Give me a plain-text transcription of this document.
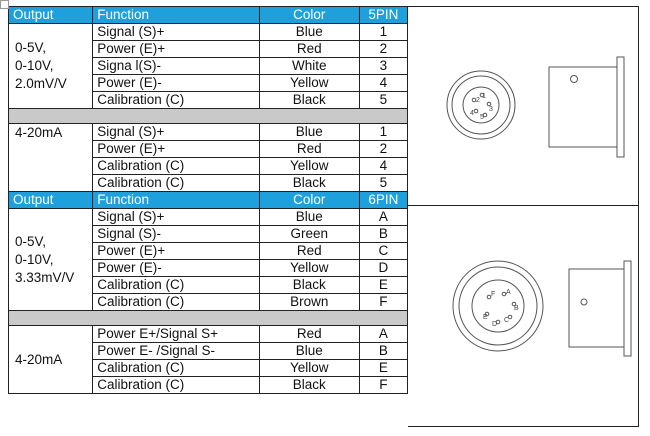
Output	Function	Color	5PIN
0-5V,
0-10V,
2.0mV/V	Signal (S)+	Blue	1
	Power (E)+	Red	2
	Signa l(S)-	White	3
	Power (E)-	Yellow	4
	Calibration (C)	Black	5

4-20mA	Signal (S)+	Blue	1
	Power (E)+	Red	2
	Calibration (C)	Yellow	4
	Calibration (C)	Black	5
Output	Function	Color	6PIN
0-5V,
0-10V,
3.33mV/V	Signal (S)+	Blue	A
	Signal (S)-	Green	B
	Power (E)+	Red	C
	Power (E)-	Yellow	D
	Calibration (C)	Black	E
	Calibration (C)	Brown	F

4-20mA	Power E+/Signal S+	Red	A
	Power E- /Signal S-	Blue	B
	Calibration (C)	Yellow	E
	Calibration (C)	Black	F
2
1
3
4
5
A
B
C
D
E
F
